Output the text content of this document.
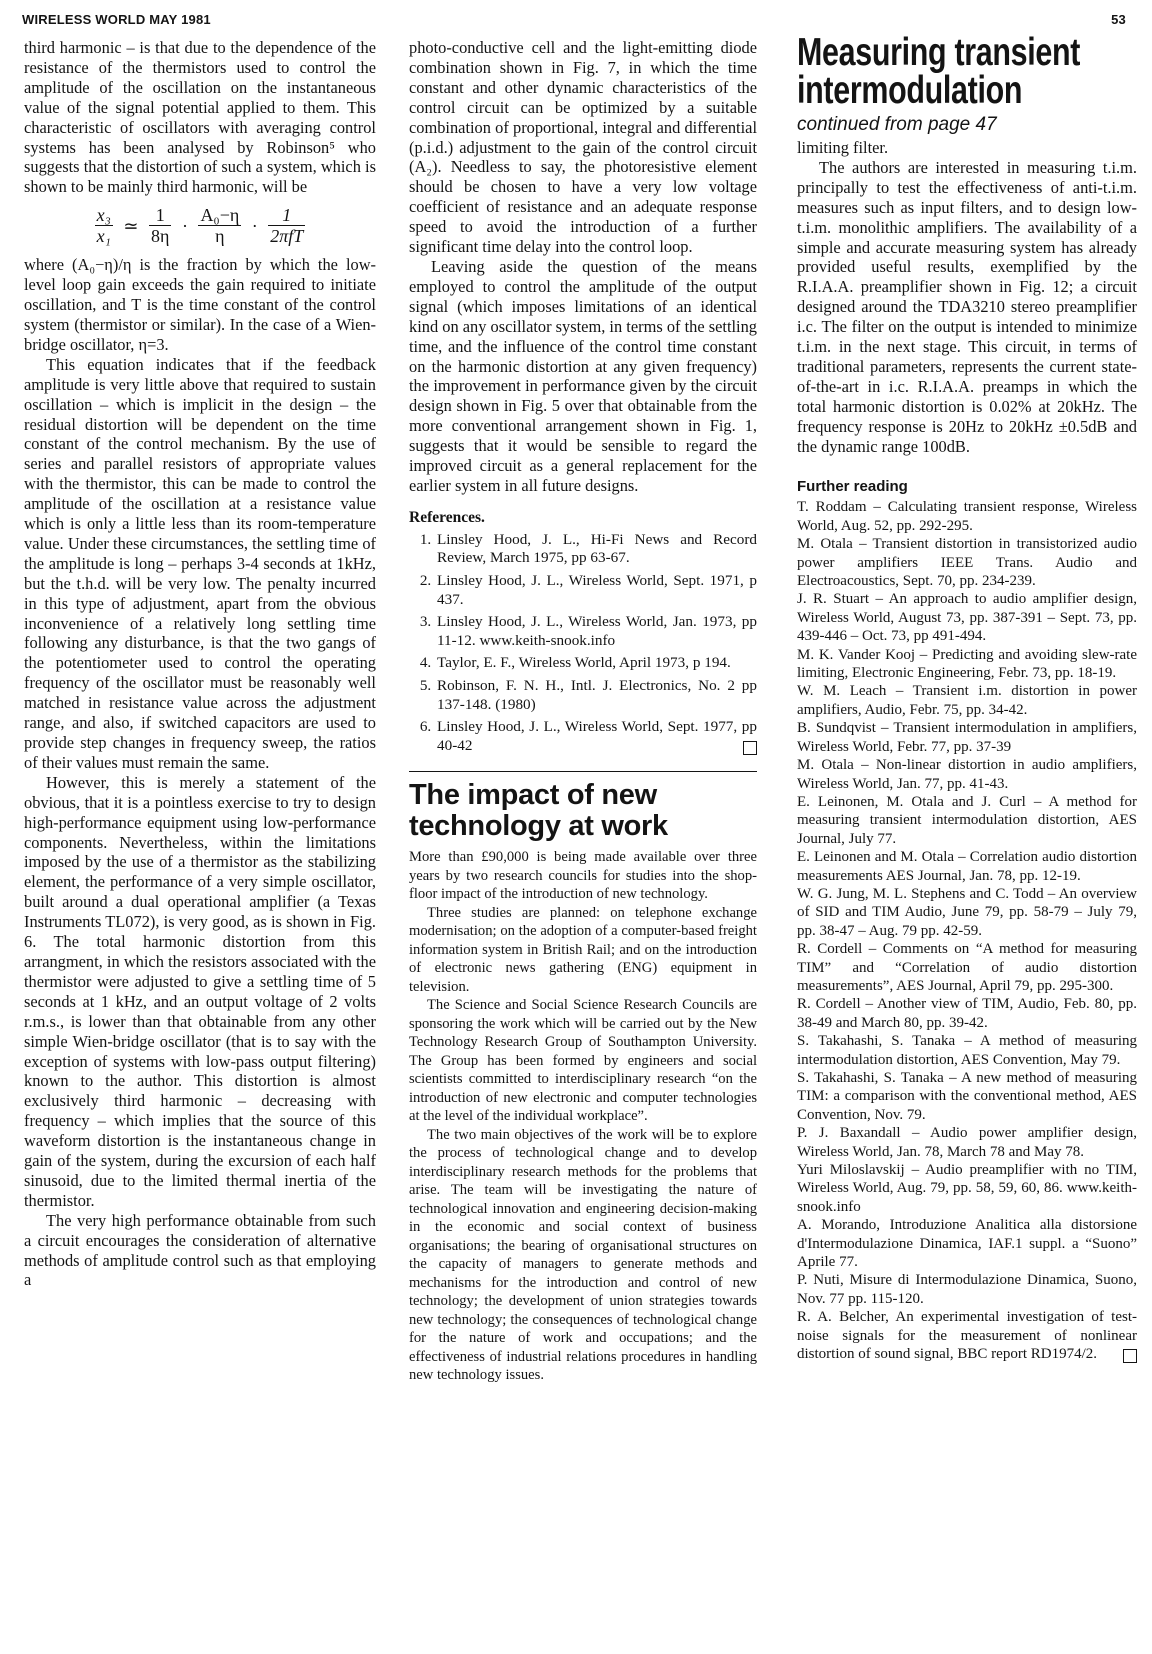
WIRELESS WORLD MAY 1981	53

third harmonic – is that due to the dependence of the resistance of the thermistors used to control the amplitude of the oscillation on the instantaneous value of the signal potential applied to them. This characteristic of oscillators with averaging control systems has been analysed by Robinson⁵ who suggests that the distortion of such a system, which is shown to be mainly third harmonic, will be

$\frac{\text{x₃}}{\text{x₁}}$ ≃ $\frac{1}{8\eta} \cdot \frac{\text{A₀−η}}{\eta} \cdot \frac{1}{\text{2πfT}}$

where (A₀−η)/η is the fraction by which the low-level loop gain exceeds the gain required to initiate oscillation, and T is the time constant of the control system (thermistor or similar). In the case of a Wien-bridge oscillator, η=3.

This equation indicates that if the feedback amplitude is very little above that required to sustain oscillation – which is implicit in the design – the residual distortion will be dependent on the time constant of the control mechanism. By the use of series and parallel resistors of appropriate values with the thermistor, this can be made to control the amplitude of the oscillation at a resistance value which is only a little less than its room-temperature value. Under these circumstances, the settling time of the amplitude is long – perhaps 3-4 seconds at 1kHz, but the t.h.d. will be very low. The penalty incurred in this type of adjustment, apart from the obvious inconvenience of a relatively long settling time following any disturbance, is that the two gangs of the potentiometer used to control the operating frequency of the oscillator must be reasonably well matched in resistance value across the adjustment range, and also, if switched capacitors are used to provide step changes in frequency sweep, the ratios of their values must remain the same.

However, this is merely a statement of the obvious, that it is a pointless exercise to try to design high-performance equipment using low-performance components. Nevertheless, within the limitations imposed by the use of a thermistor as the stabilizing element, the performance of a very simple oscillator, built around a dual operational amplifier (a Texas Instruments TL072), is very good, as is shown in Fig. 6. The total harmonic distortion from this arrangment, in which the resistors associated with the thermistor were adjusted to give a settling time of 5 seconds at 1 kHz, and an output voltage of 2 volts r.m.s., is lower than that obtainable from any other simple Wien-bridge oscillator (that is to say with the exception of systems with low-pass output filtering) known to the author. This distortion is almost exclusively third harmonic – decreasing with frequency – which implies that the source of this waveform distortion is the instantaneous change in gain of the system, during the excursion of each half sinusoid, due to the limited thermal inertia of the thermistor.

The very high performance obtainable from such a circuit encourages the consideration of alternative methods of amplitude control such as that employing a

photo-conductive cell and the light-emitting diode combination shown in Fig. 7, in which the time constant and other dynamic characteristics of the control circuit can be optimized by a suitable combination of proportional, integral and differential (p.i.d.) adjustment to the gain of the control circuit (A₂). Needless to say, the photoresistive element should be chosen to have a very low voltage coefficient of resistance and an adequate response speed to avoid the introduction of a further significant time delay into the control loop.

Leaving aside the question of the means employed to control the amplitude of the output signal (which imposes limitations of an identical kind on any oscillator system, in terms of the settling time, and the influence of the control time constant on the harmonic distortion at any given frequency) the improvement in performance given by the circuit design shown in Fig. 5 over that obtainable from the more conventional arrangement shown in Fig. 1, suggests that it would be sensible to regard the improved circuit as a general replacement for the earlier system in all future designs.

References.
1. Linsley Hood, J. L., Hi-Fi News and Record Review, March 1975, pp 63-67.
2. Linsley Hood, J. L., Wireless World, Sept. 1971, p 437.
3. Linsley Hood, J. L., Wireless World, Jan. 1973, pp 11-12. www.keith-snook.info
4. Taylor, E. F., Wireless World, April 1973, p 194.
5. Robinson, F. N. H., Intl. J. Electronics, No. 2 pp 137-148. (1980)
6. Linsley Hood, J. L., Wireless World, Sept. 1977, pp 40-42
The impact of new technology at work

More than £90,000 is being made available over three years by two research councils for studies into the shop-floor impact of the introduction of new technology.

Three studies are planned: on telephone exchange modernisation; on the adoption of a computer-based freight information system in British Rail; and on the introduction of electronic news gathering (ENG) equipment in television.

The Science and Social Science Research Councils are sponsoring the work which will be carried out by the New Technology Research Group of Southampton University. The Group has been formed by engineers and social scientists committed to interdisciplinary research “on the introduction of new electronic and computer technologies at the level of the individual workplace”.

The two main objectives of the work will be to explore the process of technological change and to develop interdisciplinary research methods for the problems that arise. The team will be investigating the nature of technological innovation and engineering decision-making in the economic and social context of business organisations; the bearing of organisational structures on the capacity of managers to generate methods and mechanisms for the introduction and control of new technology; the development of union strategies towards new technology; the consequences of technological change for the nature of work and occupations; and the effectiveness of industrial relations procedures in handling new technology issues.

Measuring transient intermodulation
continued from page 47

limiting filter.

The authors are interested in measuring t.i.m. principally to test the effectiveness of anti-t.i.m. measures such as input filters, and to design low-t.i.m. monolithic amplifiers. The availability of a simple and accurate measuring system has already provided useful results, exemplified by the R.I.A.A. preamplifier shown in Fig. 12; a circuit designed around the TDA3210 stereo preamplifier i.c. The filter on the output is intended to minimize t.i.m. in the next stage. This circuit, in terms of traditional parameters, represents the current state-of-the-art in i.c. R.I.A.A. preamps in which the total harmonic distortion is 0.02% at 20kHz. The frequency response is 20Hz to 20kHz ±0.5dB and the dynamic range 100dB.

Further reading

T. Roddam – Calculating transient response, Wireless World, Aug. 52, pp. 292-295.

M. Otala – Transient distortion in transistorized audio power amplifiers IEEE Trans. Audio and Electroacoustics, Sept. 70, pp. 234-239.

J. R. Stuart – An approach to audio amplifier design, Wireless World, August 73, pp. 387-391 – Sept. 73, pp. 439-446 – Oct. 73, pp 491-494.

M. K. Vander Kooj – Predicting and avoiding slew-rate limiting, Electronic Engineering, Febr. 73, pp. 18-19.

W. M. Leach – Transient i.m. distortion in power amplifiers, Audio, Febr. 75, pp. 34-42.

B. Sundqvist – Transient intermodulation in amplifiers, Wireless World, Febr. 77, pp. 37-39

M. Otala – Non-linear distortion in audio amplifiers, Wireless World, Jan. 77, pp. 41-43.

E. Leinonen, M. Otala and J. Curl – A method for measuring transient intermodulation distortion, AES Journal, July 77.

E. Leinonen and M. Otala – Correlation audio distortion measurements AES Journal, Jan. 78, pp. 12-19.

W. G. Jung, M. L. Stephens and C. Todd – An overview of SID and TIM Audio, June 79, pp. 58-79 – July 79, pp. 38-47 – Aug. 79 pp. 42-59.

R. Cordell – Comments on “A method for measuring TIM” and “Correlation of audio distortion measurements”, AES Journal, April 79, pp. 295-300.

R. Cordell – Another view of TIM, Audio, Feb. 80, pp. 38-49 and March 80, pp. 39-42.

S. Takahashi, S. Tanaka – A method of measuring intermodulation distortion, AES Convention, May 79.

S. Takahashi, S. Tanaka – A new method of measuring TIM: a comparison with the conventional method, AES Convention, Nov. 79.

P. J. Baxandall – Audio power amplifier design, Wireless World, Jan. 78, March 78 and May 78.

Yuri Miloslavskij – Audio preamplifier with no TIM, Wireless World, Aug. 79, pp. 58, 59, 60, 86. www.keith-snook.info

A. Morando, Introduzione Analitica alla distorsione d'Intermodulazione Dinamica, IAF.1 suppl. a “Suono” Aprile 77.

P. Nuti, Misure di Intermodulazione Dinamica, Suono, Nov. 77 pp. 115-120.

R. A. Belcher, An experimental investigation of test-noise signals for the measurement of nonlinear distortion of sound signal, BBC report RD1974/2.
